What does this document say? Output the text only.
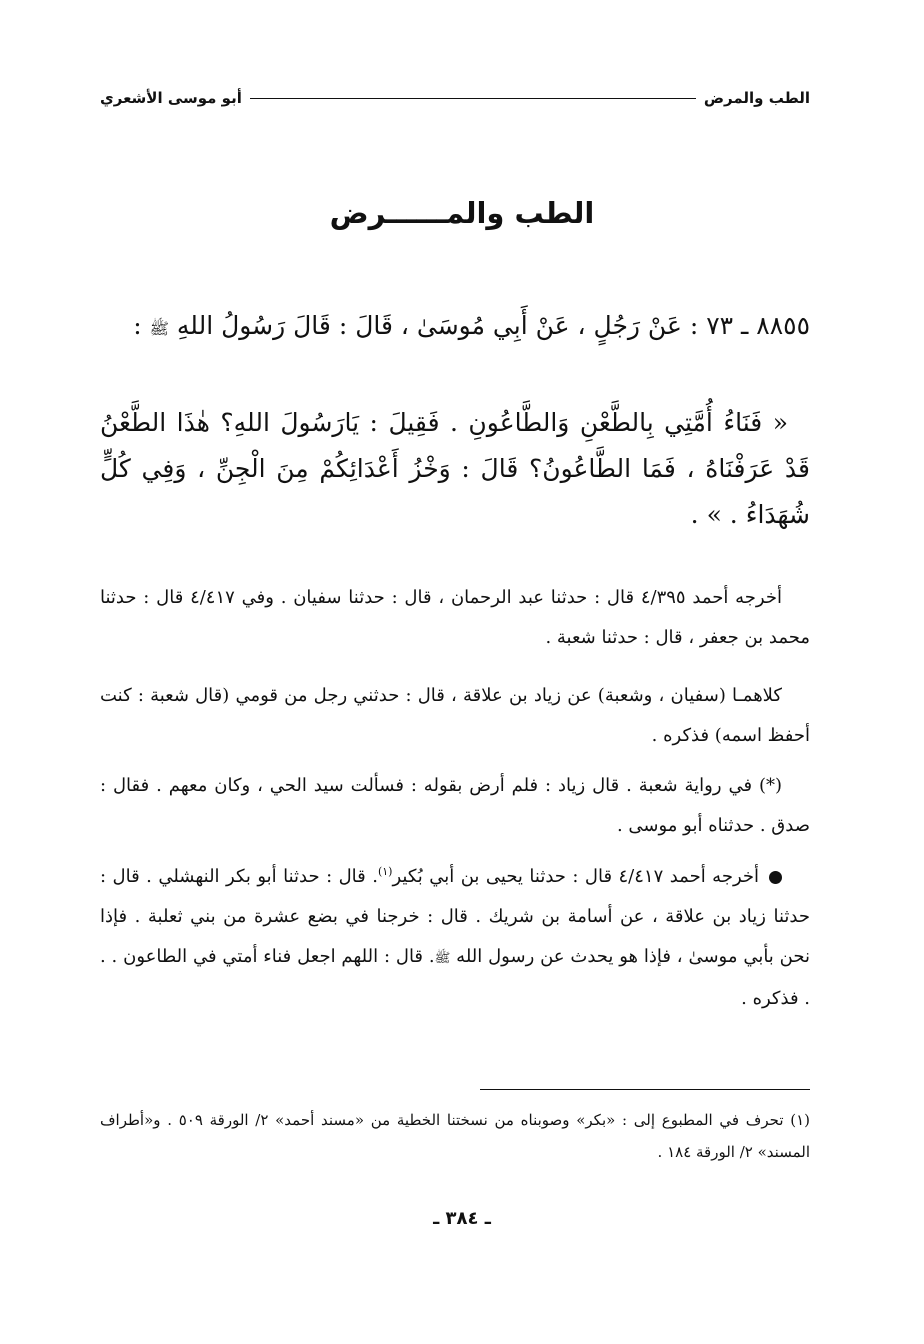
الطب والمرض
أبو موسى الأشعري
الطب والمــــــرض
٨٨٥٥ ـ ٧٣ : عَنْ رَجُلٍ ، عَنْ أَبِي مُوسَىٰ ، قَالَ : قَالَ رَسُولُ اللهِ ﷺ :
« فَنَاءُ أُمَّتِي بِالطَّعْنِ وَالطَّاعُونِ . فَقِيلَ : يَارَسُولَ اللهِ؟ هٰذَا الطَّعْنُ قَدْ عَرَفْنَاهُ ، فَمَا الطَّاعُونُ؟ قَالَ : وَخْزُ أَعْدَائِكُمْ مِنَ الْجِنِّ ، وَفِي كُلٍّ شُهَدَاءُ . » .
أخرجه أحمد ٤/٣٩٥ قال : حدثنا عبد الرحمان ، قال : حدثنا سفيان . وفي ٤/٤١٧ قال : حدثنا محمد بن جعفر ، قال : حدثنا شعبة .
كلاهمـا (سفيان ، وشعبة) عن زياد بن علاقة ، قال : حدثني رجل من قومي (قال شعبة : كنت أحفظ اسمه) فذكره .
(*) في رواية شعبة . قال زياد : فلم أرض بقوله : فسألت سيد الحي ، وكان معهم . فقال : صدق . حدثناه أبو موسى .
أخرجه أحمد ٤/٤١٧ قال : حدثنا يحيى بن أبي بُكير$^{(١)}$. قال : حدثنا أبو بكر النهشلي . قال : حدثنا زياد بن علاقة ، عن أسامة بن شريك . قال : خرجنا في بضع عشرة من بني ثعلبة . فإذا نحن بأبي موسىٰ ، فإذا هو يحدث عن رسول الله ﷺ. قال : اللهم اجعل فناء أمتي في الطاعون . . . فذكره .
(١) تحرف في المطبوع إلى : «بكر» وصوبناه من نسختنا الخطية من «مسند أحمد» ٢/ الورقة ٥٠٩ . و«أطراف المسند» ٢/ الورقة ١٨٤ .
ـ ٣٨٤ ـ
